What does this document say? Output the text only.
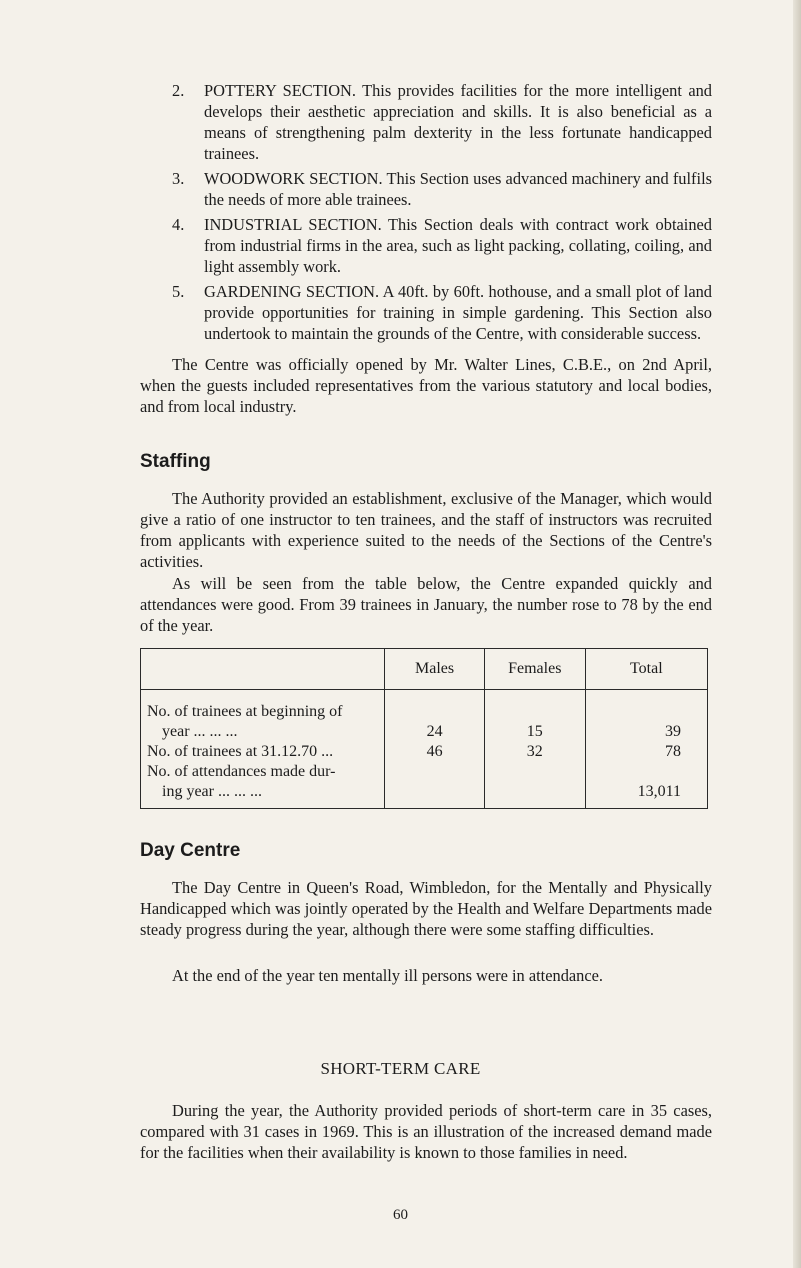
2.	POTTERY SECTION. This provides facilities for the more intelligent and develops their aesthetic appreciation and skills. It is also beneficial as a means of strengthening palm dexterity in the less fortunate handicapped trainees.
3.	WOODWORK SECTION. This Section uses advanced machinery and fulfils the needs of more able trainees.
4.	INDUSTRIAL SECTION. This Section deals with contract work obtained from industrial firms in the area, such as light packing, collating, coiling, and light assembly work.
5.	GARDENING SECTION. A 40ft. by 60ft. hothouse, and a small plot of land provide opportunities for training in simple gardening. This Section also undertook to maintain the grounds of the Centre, with considerable success.

The Centre was officially opened by Mr. Walter Lines, C.B.E., on 2nd April, when the guests included representatives from the various statutory and local bodies, and from local industry.

Staffing

The Authority provided an establishment, exclusive of the Manager, which would give a ratio of one instructor to ten trainees, and the staff of instructors was recruited from applicants with experience suited to the needs of the Sections of the Centre's activities.

As will be seen from the table below, the Centre expanded quickly and attendances were good. From 39 trainees in January, the number rose to 78 by the end of the year.

	Males	Females	Total

No. of trainees at beginning of
year ... ... ...	24	15	39

No. of trainees at 31.12.70 ...	46	32	78

No. of attendances made dur-
ing year ... ... ...			13,011
Day Centre

The Day Centre in Queen's Road, Wimbledon, for the Mentally and Physically Handicapped which was jointly operated by the Health and Welfare Departments made steady progress during the year, although there were some staffing difficulties.

At the end of the year ten mentally ill persons were in attendance.

SHORT-TERM CARE

During the year, the Authority provided periods of short-term care in 35 cases, compared with 31 cases in 1969. This is an illustration of the increased demand made for the facilities when their availability is known to those families in need.

60
